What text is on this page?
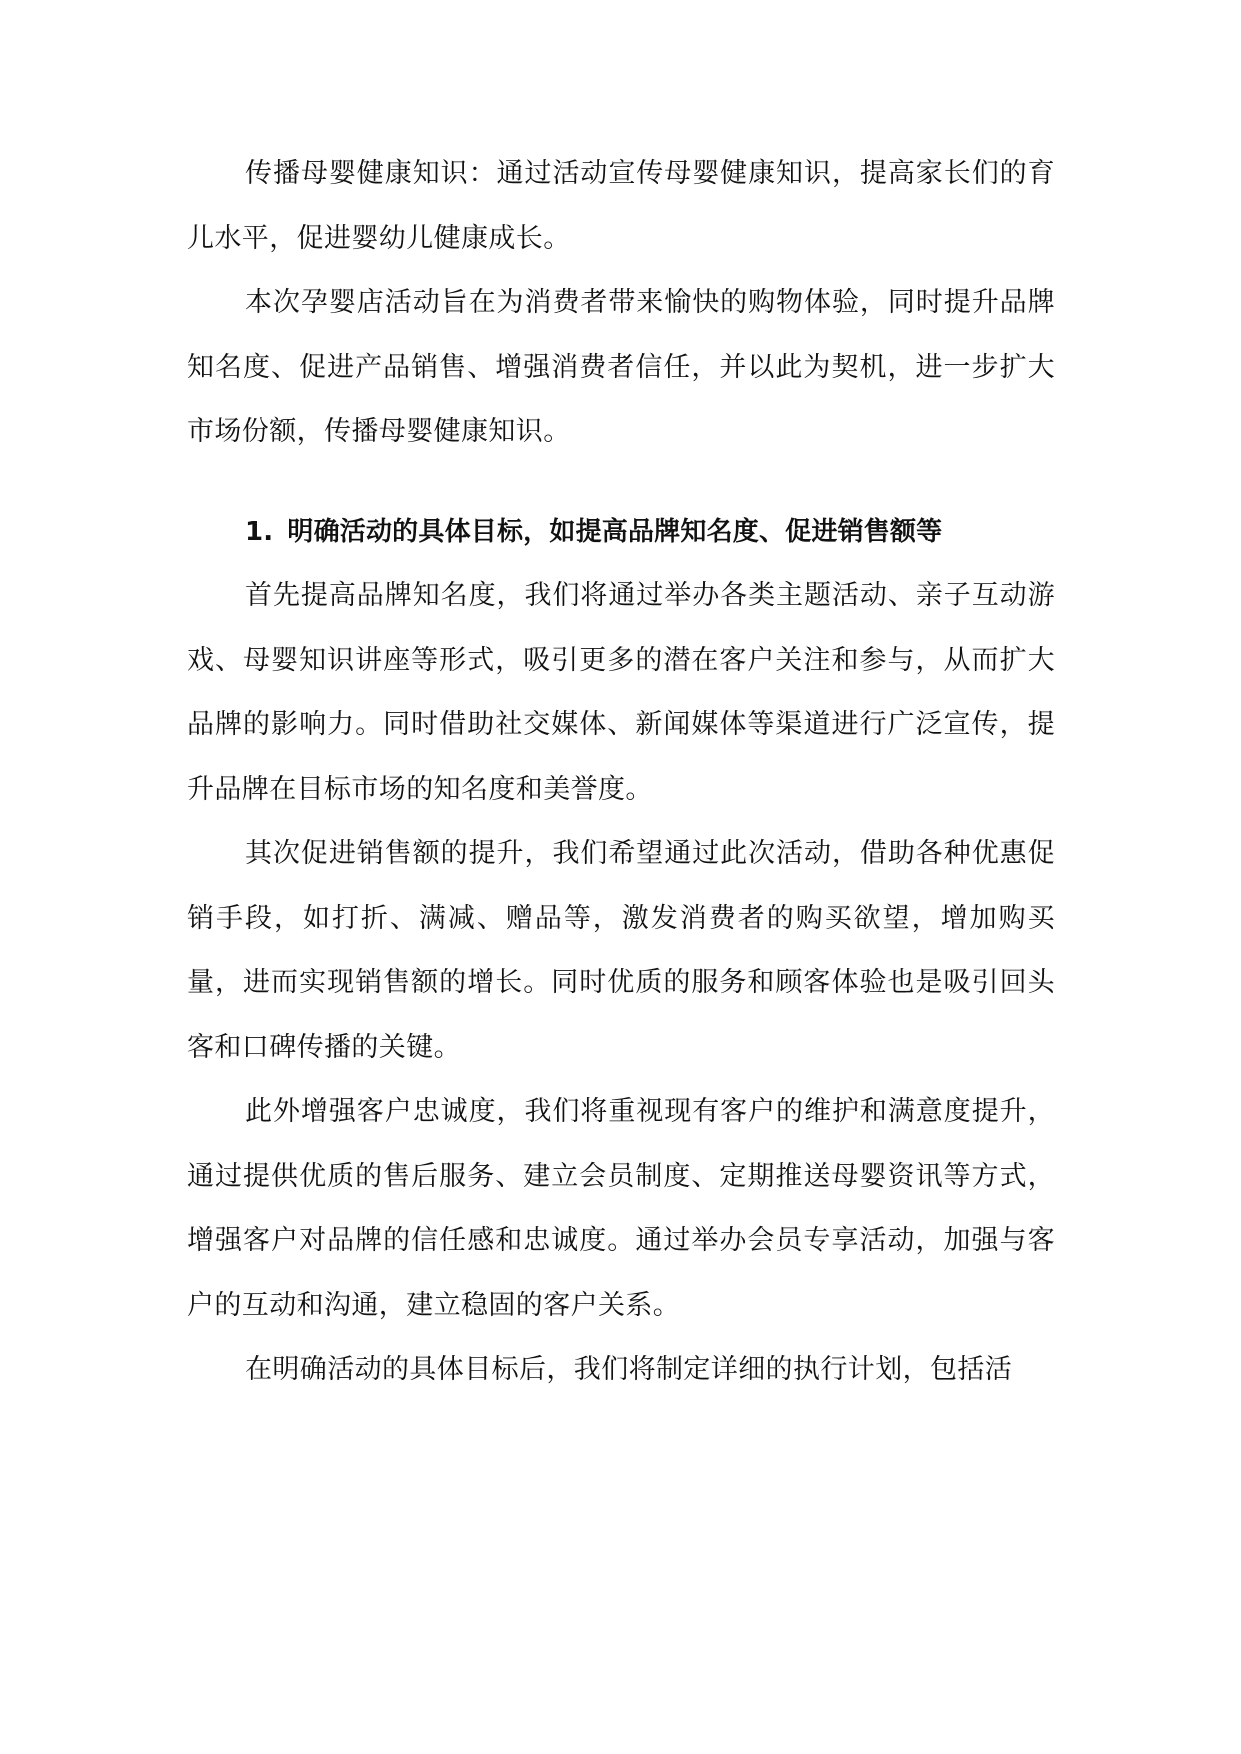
传播母婴健康知识：通过活动宣传母婴健康知识，提高家长们的育儿水平，促进婴幼儿健康成长。

本次孕婴店活动旨在为消费者带来愉快的购物体验，同时提升品牌知名度、促进产品销售、增强消费者信任，并以此为契机，进一步扩大市场份额，传播母婴健康知识。

1. 明确活动的具体目标，如提高品牌知名度、促进销售额等

首先提高品牌知名度，我们将通过举办各类主题活动、亲子互动游戏、母婴知识讲座等形式，吸引更多的潜在客户关注和参与，从而扩大品牌的影响力。同时借助社交媒体、新闻媒体等渠道进行广泛宣传，提升品牌在目标市场的知名度和美誉度。

其次促进销售额的提升，我们希望通过此次活动，借助各种优惠促销手段，如打折、满减、赠品等，激发消费者的购买欲望，增加购买量，进而实现销售额的增长。同时优质的服务和顾客体验也是吸引回头客和口碑传播的关键。

此外增强客户忠诚度，我们将重视现有客户的维护和满意度提升，通过提供优质的售后服务、建立会员制度、定期推送母婴资讯等方式，增强客户对品牌的信任感和忠诚度。通过举办会员专享活动，加强与客户的互动和沟通，建立稳固的客户关系。

在明确活动的具体目标后，我们将制定详细的执行计划，包括活
